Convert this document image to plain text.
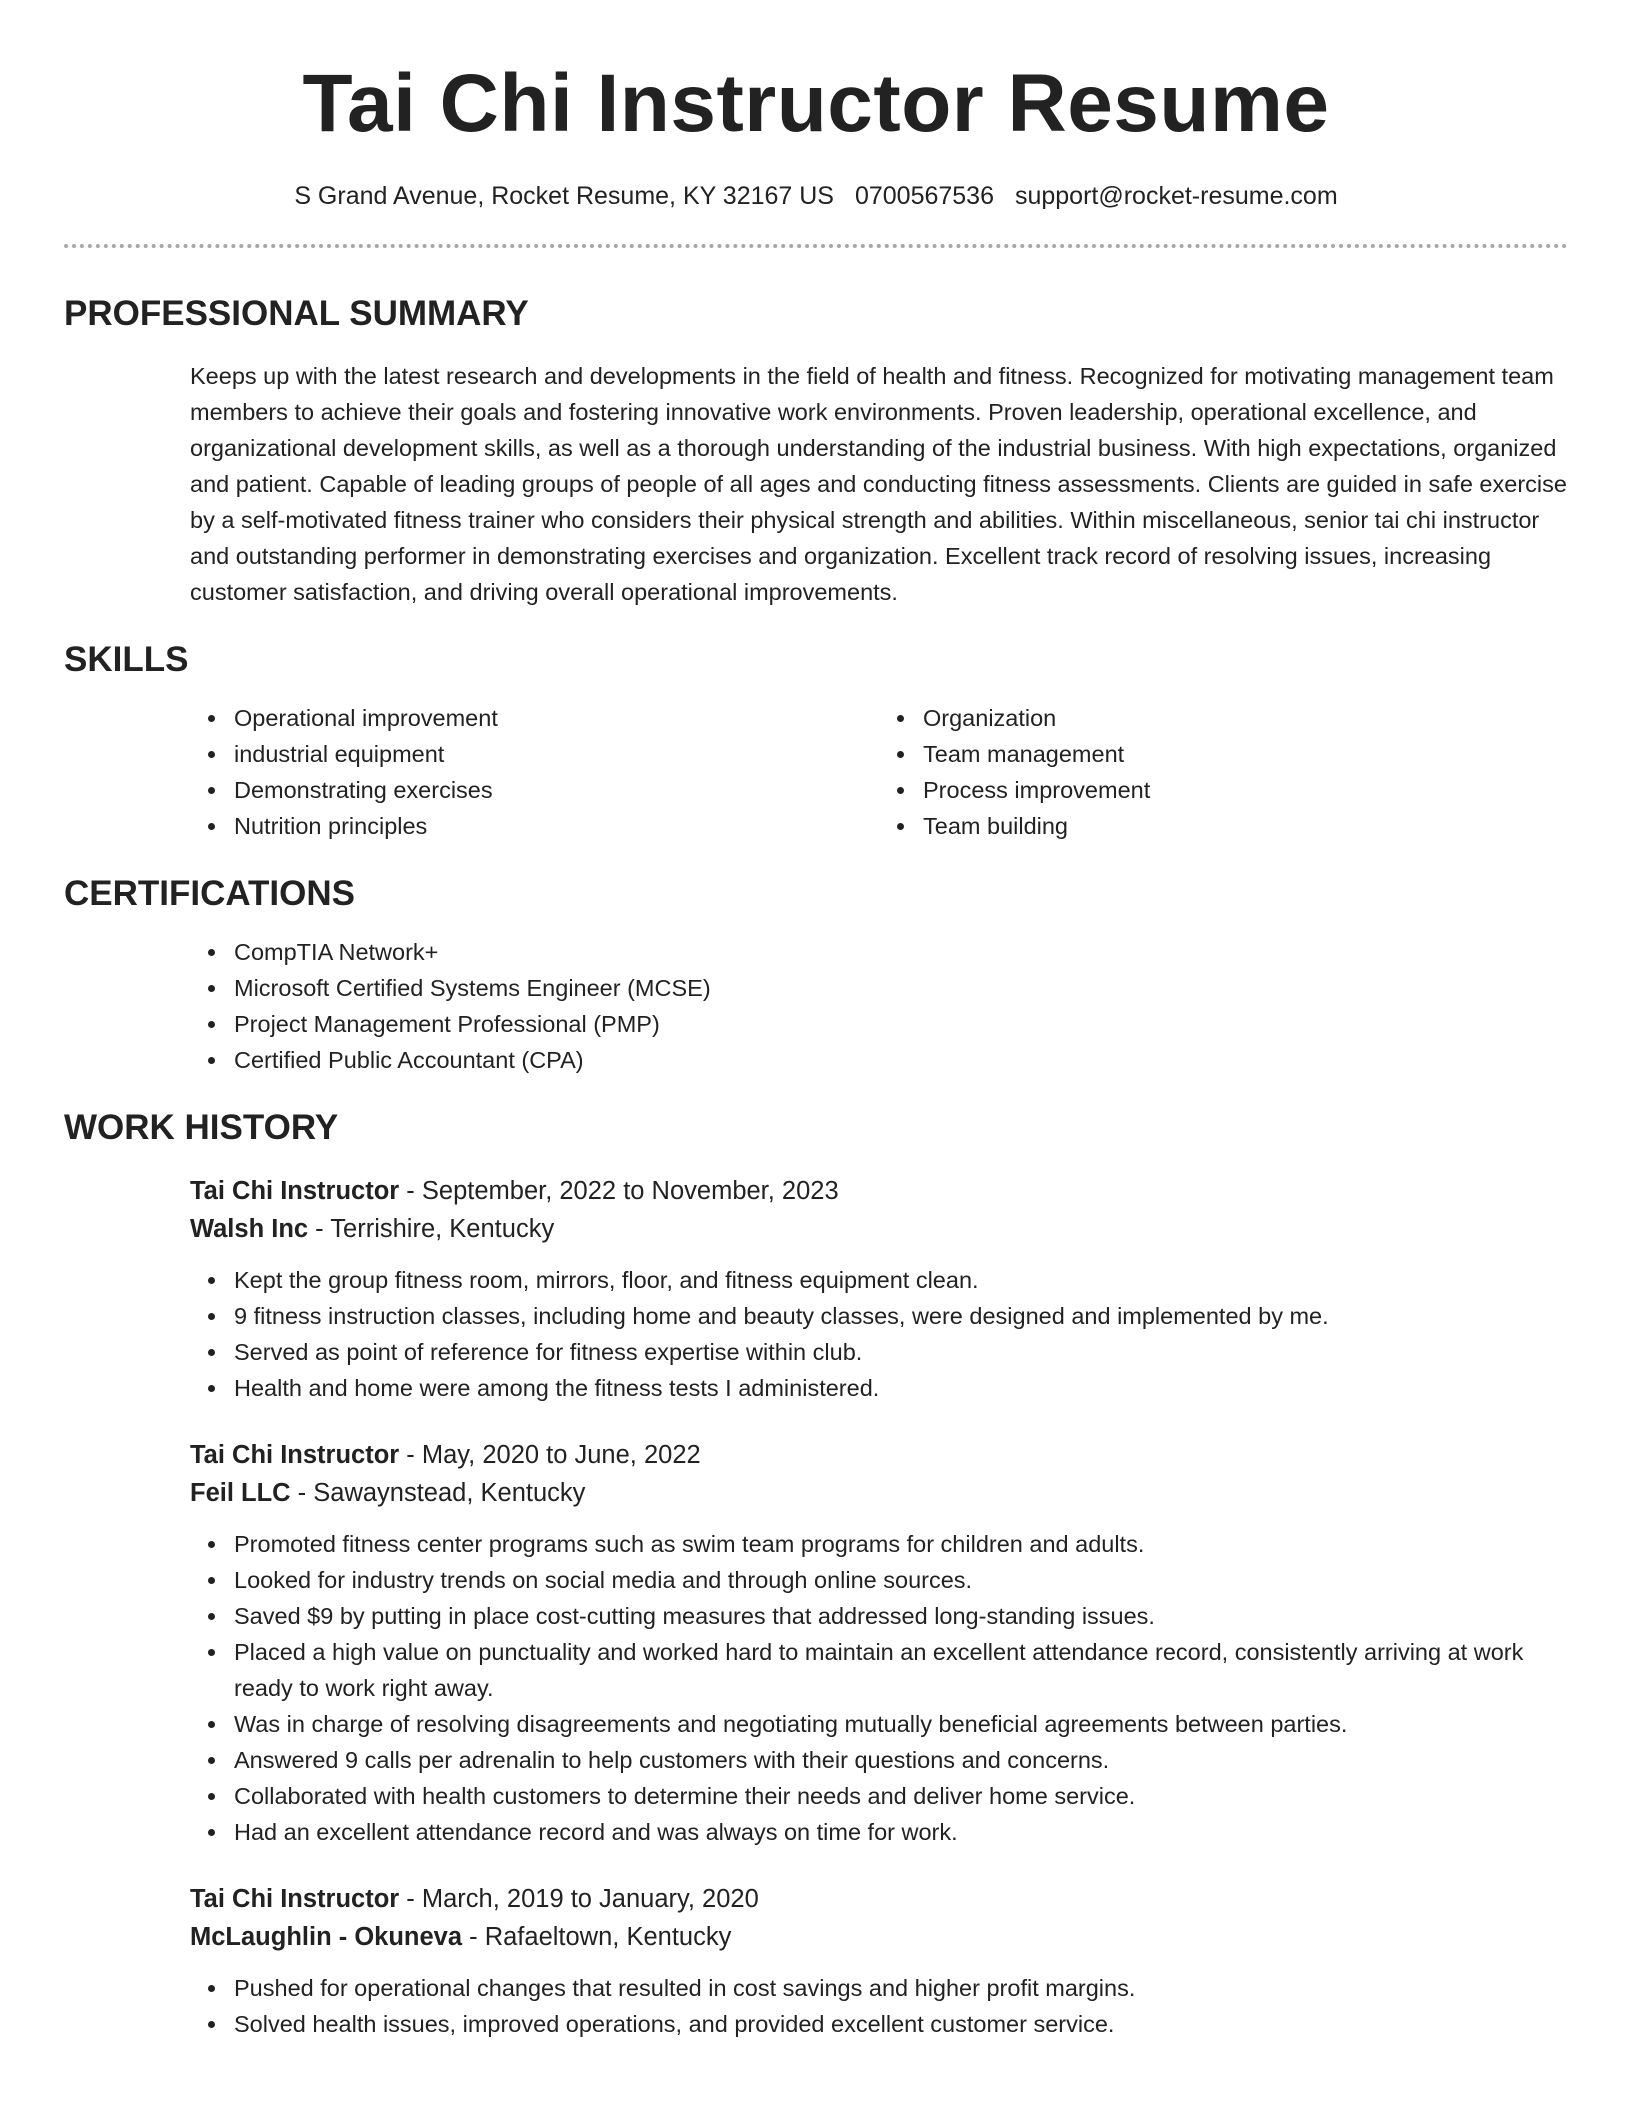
Tai Chi Instructor Resume
S Grand Avenue, Rocket Resume, KY 32167 US 0700567536 support@rocket-resume.com
PROFESSIONAL SUMMARY

Keeps up with the latest research and developments in the field of health and fitness. Recognized for motivating management team members to achieve their goals and fostering innovative work environments. Proven leadership, operational excellence, and organizational development skills, as well as a thorough understanding of the industrial business. With high expectations, organized and patient. Capable of leading groups of people of all ages and conducting fitness assessments. Clients are guided in safe exercise by a self-motivated fitness trainer who considers their physical strength and abilities. Within miscellaneous, senior tai chi instructor and outstanding performer in demonstrating exercises and organization. Excellent track record of resolving issues, increasing customer satisfaction, and driving overall operational improvements.

SKILLS
Operational improvement
industrial equipment
Demonstrating exercises
Nutrition principles
Organization
Team management
Process improvement
Team building
CERTIFICATIONS
CompTIA Network+
Microsoft Certified Systems Engineer (MCSE)
Project Management Professional (PMP)
Certified Public Accountant (CPA)
WORK HISTORY
Tai Chi Instructor - September, 2022 to November, 2023
Walsh Inc - Terrishire, Kentucky
Kept the group fitness room, mirrors, floor, and fitness equipment clean.
9 fitness instruction classes, including home and beauty classes, were designed and implemented by me.
Served as point of reference for fitness expertise within club.
Health and home were among the fitness tests I administered.
Tai Chi Instructor - May, 2020 to June, 2022
Feil LLC - Sawaynstead, Kentucky
Promoted fitness center programs such as swim team programs for children and adults.
Looked for industry trends on social media and through online sources.
Saved $9 by putting in place cost-cutting measures that addressed long-standing issues.
Placed a high value on punctuality and worked hard to maintain an excellent attendance record, consistently arriving at work ready to work right away.
Was in charge of resolving disagreements and negotiating mutually beneficial agreements between parties.
Answered 9 calls per adrenalin to help customers with their questions and concerns.
Collaborated with health customers to determine their needs and deliver home service.
Had an excellent attendance record and was always on time for work.
Tai Chi Instructor - March, 2019 to January, 2020
McLaughlin - Okuneva - Rafaeltown, Kentucky
Pushed for operational changes that resulted in cost savings and higher profit margins.
Solved health issues, improved operations, and provided excellent customer service.
